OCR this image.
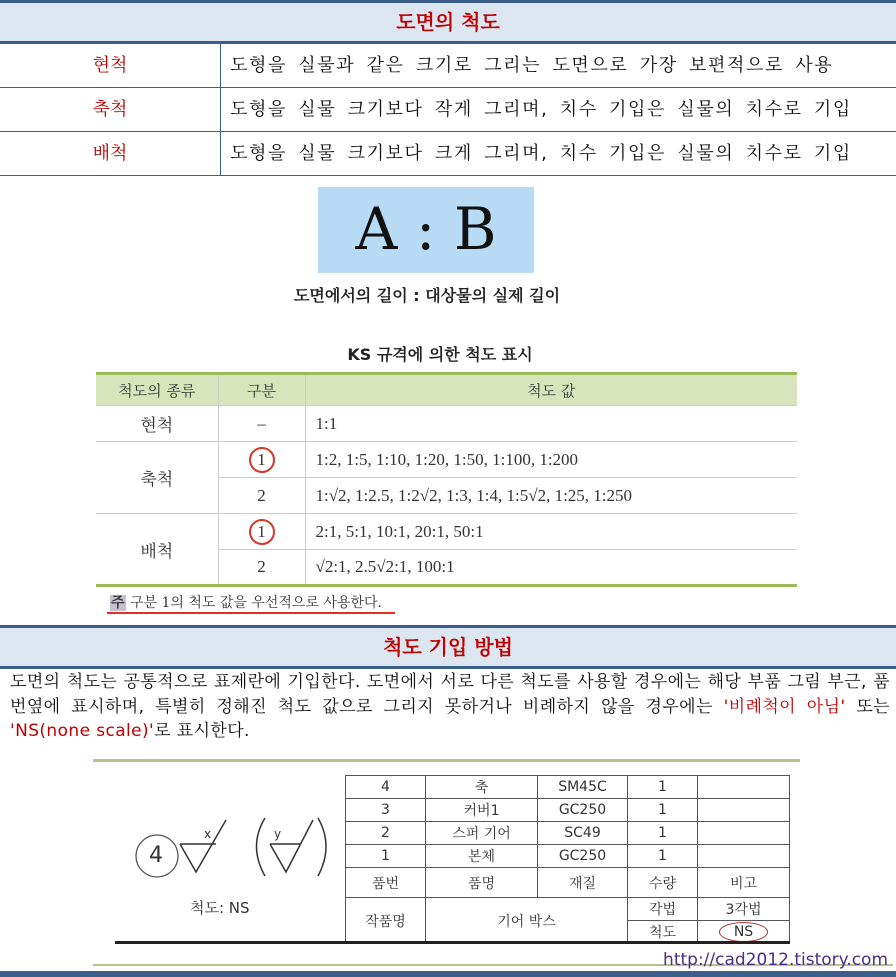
도면의 척도
현척	도형을 실물과 같은 크기로 그리는 도면으로 가장 보편적으로 사용
축척	도형을 실물 크기보다 작게 그리며, 치수 기입은 실물의 치수로 기입
배척	도형을 실물 크기보다 크게 그리며, 치수 기입은 실물의 치수로 기입
A : B
도면에서의 길이 : 대상물의 실제 길이
KS 규격에 의한 척도 표시
척도의 종류	구분	척도 값
현척	–	1:1
축척	1	1:2, 1:5, 1:10, 1:20, 1:50, 1:100, 1:200
	2	1:√2, 1:2.5, 1:2√2, 1:3, 1:4, 1:5√2, 1:25, 1:250
배척	1	2:1, 5:1, 10:1, 20:1, 50:1
	2	√2:1, 2.5√2:1, 100:1
주 구분 1의 척도 값을 우선적으로 사용한다.
척도 기입 방법
도면의 척도는 공통적으로 표제란에 기입한다. 도면에서 서로 다른 척도를 사용할 경우에는 해당 부품 그림 부근, 품번옆에 표시하며, 특별히 정해진 척도 값으로 그리지 못하거나 비례하지 않을 경우에는 '비례척이 아님' 또는 'NS(none scale)'로 표시한다.
4
x	y
척도: NS
4	축	SM45C	1	
3	커버1	GC250	1	
2	스퍼 기어	SC49	1	
1	본체	GC250	1	
품번	품명	재질	수량	비고
작품명	기어 박스		각법	3각법
			척도	NS
http://cad2012.tistory.com
